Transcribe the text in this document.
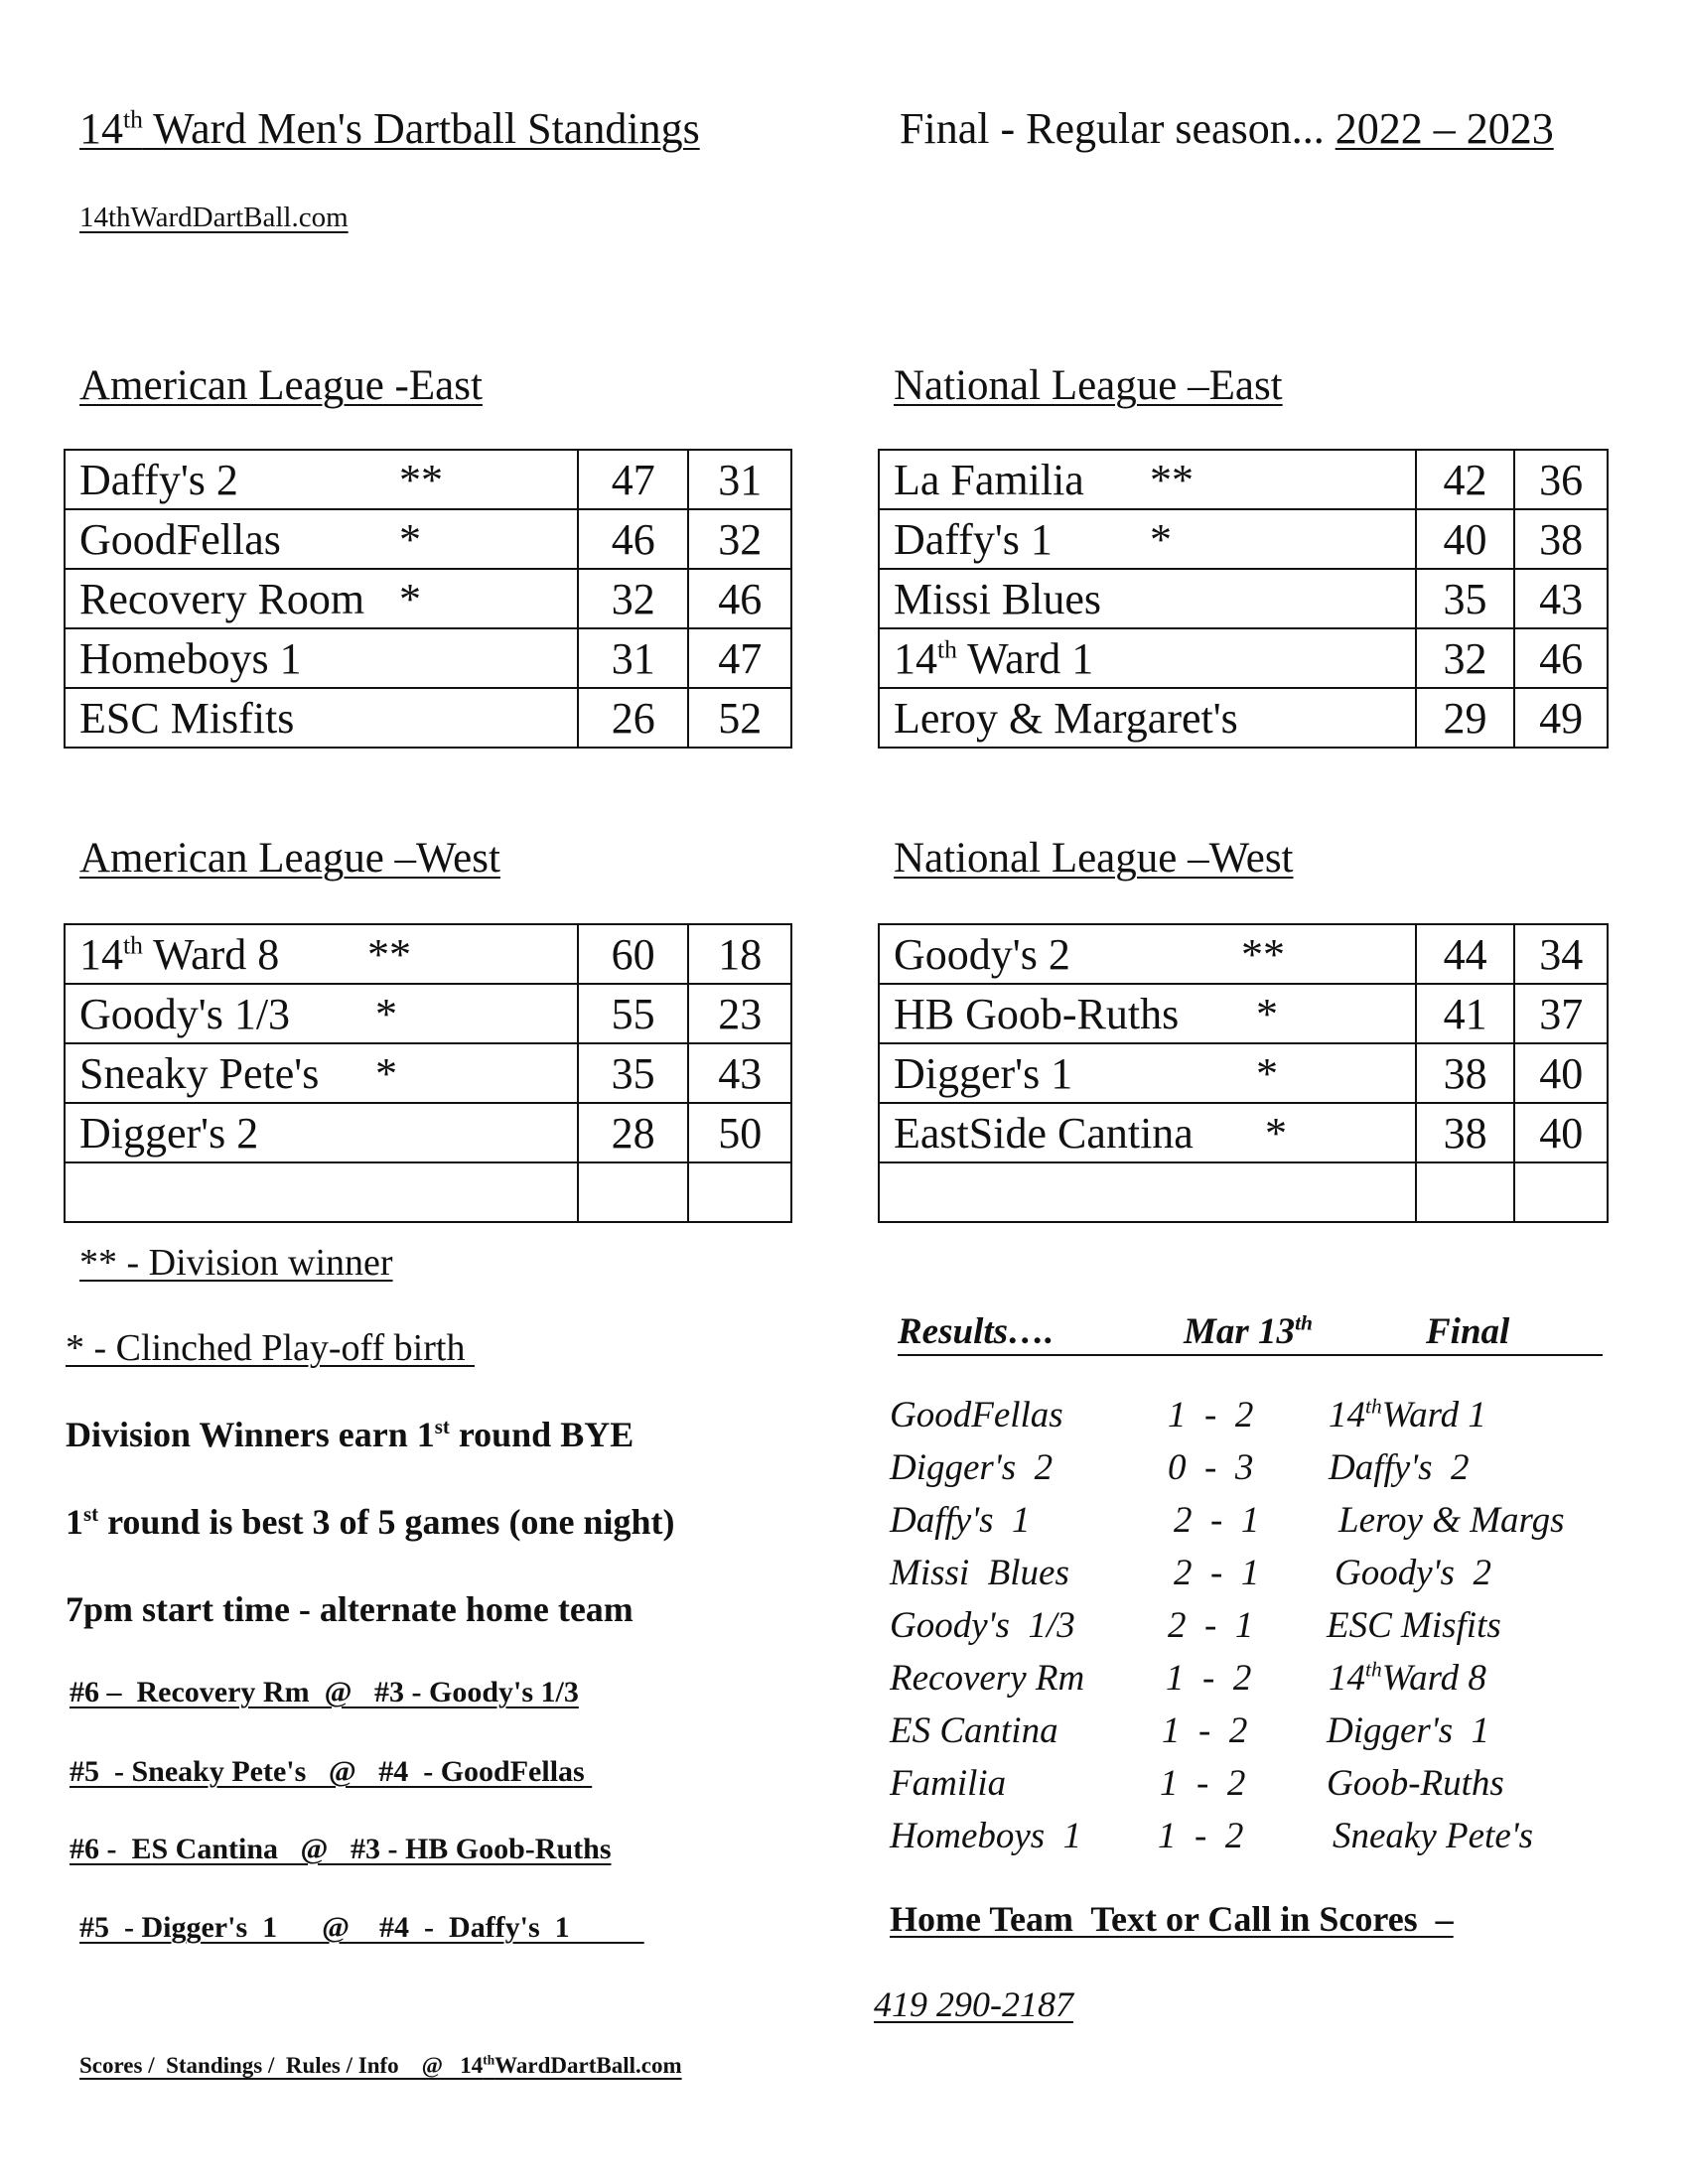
14th Ward Men's Dartball Standings	Final - Regular season... 2022 – 2023
14thWardDartBall.com
American League -East
Daffy's 2 **	47	31
GoodFellas *	46	32
Recovery Room *	32	46
Homeboys 1	31	47
ESC Misfits	26	52
National League –East
La Familia **	42	36
Daffy's 1 *	40	38
Missi Blues	35	43
14th Ward 1	32	46
Leroy & Margaret's	29	49
American League –West
14th Ward 8 **	60	18
Goody's 1/3 *	55	23
Sneaky Pete's *	35	43
Digger's 2	28	50

National League –West
Goody's 2 **	44	34
HB Goob-Ruths *	41	37
Digger's 1 *	38	40
EastSide Cantina *	38	40

** - Division winner
* - Clinched Play-off birth
Division Winners earn 1st round BYE
1st round is best 3 of 5 games (one night)
7pm start time - alternate home team
#6 –  Recovery Rm  @   #3 - Goody's 1/3
#5  - Sneaky Pete's   @   #4  - GoodFellas
#6 -  ES Cantina   @   #3 - HB Goob-Ruths
#5  - Digger's  1      @    #4  -  Daffy's  1
Results….	Mar 13th	Final
GoodFellas	1  -  2 14thWard 1
Digger's  2	0  -  3 Daffy's  2
Daffy's  1	2  -  1 Leroy & Margs
Missi  Blues	2  -  1 Goody's  2
Goody's  1/3	2  -  1 ESC Misfits
Recovery Rm 1  -  2 14thWard 8
ES Cantina	1  -  2 Digger's  1
Familia	1  -  2 Goob-Ruths
Homeboys  1 1  -  2 Sneaky Pete's
Home Team  Text or Call in Scores  –
419 290-2187
Scores /  Standings /  Rules / Info    @   14thWardDartBall.com
